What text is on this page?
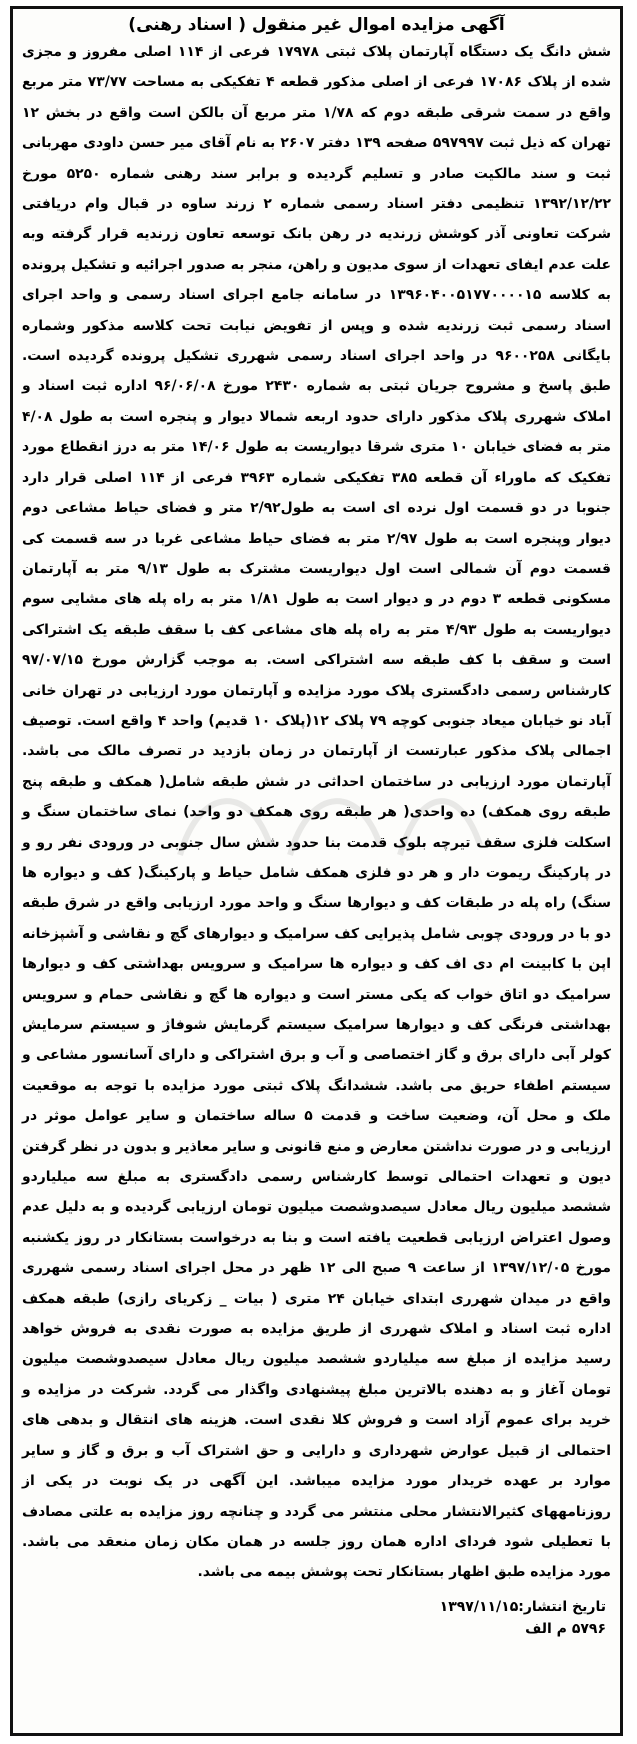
آگهی مزایده اموال غیر منقول ( اسناد رهنی)
شش دانگ یک دستگاه آپارتمان پلاک ثبتی ۱۷۹۷۸ فرعی از ۱۱۴ اصلی مفروز و مجزی شده از پلاک ۱۷۰۸۶ فرعی از اصلی مذکور قطعه ۴ تفکیکی به مساحت ۷۳/۷۷ متر مربع واقع در سمت شرقی طبقه دوم که ۱/۷۸ متر مربع آن بالکن است واقع در بخش ۱۲ تهران که ذیل ثبت ۵۹۷۹۹۷ صفحه ۱۳۹ دفتر ۲۶۰۷ به نام آقای میر حسن داودی مهربانی ثبت و سند مالکیت صادر و تسلیم گردیده و برابر سند رهنی شماره ۵۲۵۰ مورخ ۱۳۹۲/۱۲/۲۲ تنظیمی دفتر اسناد رسمی شماره ۲ زرند ساوه در قبال وام دریافتی شرکت تعاونی آذر کوشش زرندیه در رهن بانک توسعه تعاون زرندیه قرار گرفته وبه علت عدم ایفای تعهدات از سوی مدیون و راهن، منجر به صدور اجرائیه و تشکیل پرونده به کلاسه ۱۳۹۶۰۴۰۰۵۱۷۷۰۰۰۰۱۵ در سامانه جامع اجرای اسناد رسمی و واحد اجرای اسناد رسمی ثبت زرندیه شده و وپس از تفویض نیابت تحت کلاسه مذکور وشماره بایگانی ۹۶۰۰۲۵۸ در واحد اجرای اسناد رسمی شهرری تشکیل پرونده گردیده است. طبق پاسخ و مشروح جریان ثبتی به شماره ۲۴۳۰ مورخ ۹۶/۰۶/۰۸ اداره ثبت اسناد و املاک شهرری پلاک مذکور دارای حدود اربعه شمالا دیوار و پنجره است به طول ۴/۰۸ متر به فضای خیابان ۱۰ متری شرقا دیواریست به طول ۱۴/۰۶ متر به درز انقطاع مورد تفکیک که ماوراء آن قطعه ۳۸۵ تفکیکی شماره ۳۹۶۳ فرعی از ۱۱۴ اصلی قرار دارد جنوبا در دو قسمت اول نرده ای است به طول۲/۹۲ متر و فضای حیاط مشاعی دوم دیوار وپنجره است به طول ۲/۹۷ متر به فضای حیاط مشاعی غربا در سه قسمت کی قسمت دوم آن شمالی است اول دیواریست مشترک به طول ۹/۱۳ متر به آپارتمان مسکونی قطعه ۳ دوم در و دیوار است به طول ۱/۸۱ متر به راه پله های مشایی سوم دیواریست به طول ۴/۹۳ متر به راه پله های مشاعی کف با سقف طبقه یک اشتراکی است و سقف با کف طبقه سه اشتراکی است. به موجب گزارش مورخ ۹۷/۰۷/۱۵ کارشناس رسمی دادگستری پلاک مورد مزایده و آپارتمان مورد ارزیابی در تهران خانی آباد نو خیابان میعاد جنوبی کوچه ۷۹ پلاک ۱۲(پلاک ۱۰ قدیم) واحد ۴ واقع است. توصیف اجمالی پلاک مذکور عبارتست از آپارتمان در زمان بازدید در تصرف مالک می باشد. آپارتمان مورد ارزیابی در ساختمان احداثی در شش طبقه شامل( همکف و طبقه پنج طبقه روی همکف) ده واحدی( هر طبقه روی همکف دو واحد) نمای ساختمان سنگ و اسکلت فلزی سقف تیرچه بلوک قدمت بنا حدود شش سال جنوبی در ورودی نفر رو و در پارکینگ ریموت دار و هر دو فلزی همکف شامل حیاط و پارکینگ( کف و دیواره ها سنگ) راه پله در طبقات کف و دیوارها سنگ و واحد مورد ارزیابی واقع در شرق طبقه دو با در ورودی چوبی شامل پذیرایی کف سرامیک و دیوارهای گچ و نقاشی و آشپزخانه اپن با کابینت ام دی اف کف و دیواره ها سرامیک و سرویس بهداشتی کف و دیوارها سرامیک دو اتاق خواب که یکی مستر است و دیواره ها گچ و نقاشی حمام و سرویس بهداشتی فرنگی کف و دیوارها سرامیک سیستم گرمایش شوفاژ و سیستم سرمایش کولر آبی دارای برق و گاز اختصاصی و آب و برق اشتراکی و دارای آسانسور مشاعی و سیستم اطفاء حریق می باشد. ششدانگ پلاک ثبتی مورد مزایده با توجه به موقعیت ملک و محل آن، وضعیت ساخت و قدمت ۵ ساله ساختمان و سایر عوامل موثر در ارزیابی و در صورت نداشتن معارض و منع قانونی و سایر معاذیر و بدون در نظر گرفتن دیون و تعهدات احتمالی توسط کارشناس رسمی دادگستری به مبلغ سه میلیاردو ششصد میلیون ریال معادل سیصدوشصت میلیون تومان ارزیابی گردیده و به دلیل عدم وصول اعتراض ارزیابی قطعیت یافته است و بنا به درخواست بستانکار در روز یکشنبه مورخ ۱۳۹۷/۱۲/۰۵ از ساعت ۹ صبح الی ۱۲ ظهر در محل اجرای اسناد رسمی شهرری واقع در میدان شهرری ابتدای خیابان ۲۴ متری ( بیات _ زکریای رازی) طبقه همکف اداره ثبت اسناد و املاک شهرری از طریق مزایده به صورت نقدی به فروش خواهد رسید مزایده از مبلغ سه میلیاردو ششصد میلیون ریال معادل سیصدوشصت میلیون تومان آغاز و به دهنده بالاترین مبلغ پیشنهادی واگذار می گردد. شرکت در مزایده و خرید برای عموم آزاد است و فروش کلا نقدی است. هزینه های انتقال و بدهی های احتمالی از قبیل عوارض شهرداری و دارایی و حق اشتراک آب و برق و گاز و سایر موارد بر عهده خریدار مورد مزایده میباشد. این آگهی در یک نوبت در یکی از روزنامههای کثیرالانتشار محلی منتشر می گردد و چنانچه روز مزایده به علتی مصادف با تعطیلی شود فردای اداره همان روز جلسه در همان مکان زمان منعقد می باشد. مورد مزایده طبق اظهار بستانکار تحت پوشش بیمه می باشد.
تاریخ انتشار:۱۳۹۷/۱۱/۱۵
۵۷۹۶ م الف
